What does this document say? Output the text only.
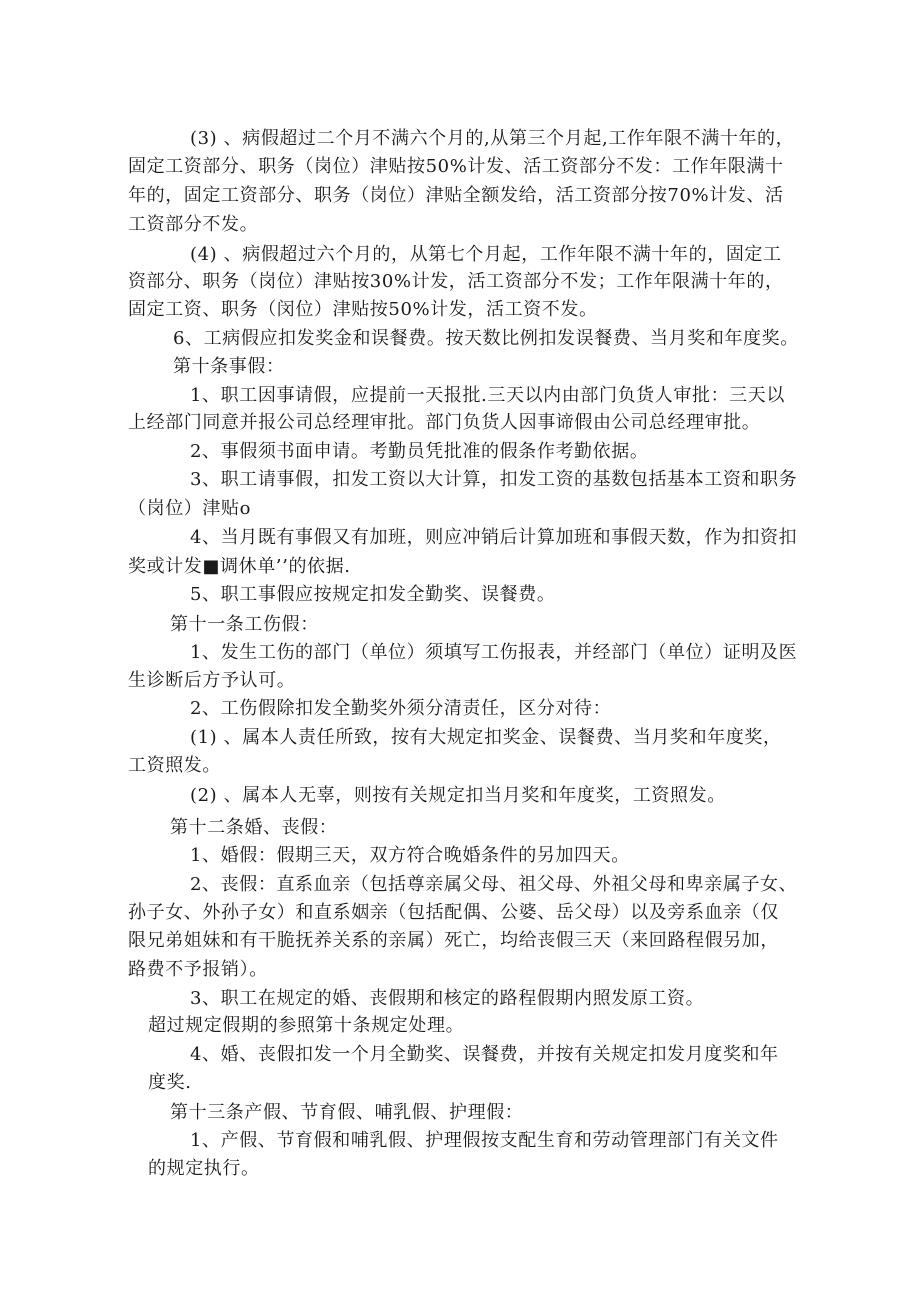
(3) 、病假超过二个月不满六个月的,从第三个月起,工作年限不满十年的，

固定工资部分、职务（岗位）津贴按50%计发、活工资部分不发：工作年限满十

年的，固定工资部分、职务（岗位）津贴全额发给，活工资部分按70%计发、活

工资部分不发。

(4) 、病假超过六个月的，从第七个月起，工作年限不满十年的，固定工

资部分、职务（岗位）津贴按30%计发，活工资部分不发；工作年限满十年的，

固定工资、职务（闵位）津贴按50%计发，活工资不发。

6、工病假应扣发奖金和误餐费。按天数比例扣发误餐费、当月奖和年度奖。

第十条事假：

1、职工因事请假，应提前一天报批.三天以内由部门负货人审批：三天以

上经部门同意并报公司总经理审批。部门负货人因事谛假由公司总经理审批。

2、事假须书面申请。考勤员凭批准的假条作考勤依据。

3、职工请事假，扣发工资以大计算，扣发工资的基数包括基本工资和职务

（岗位）津贴o

4、当月既有事假又有加班，则应冲销后计算加班和事假天数，作为扣资扣

奖或计发■调休单’’的依据.

5、职工事假应按规定扣发全勤奖、误餐费。

第十一条工伤假：

1、发生工伤的部门（单位）须填写工伤报表，并经部门（单位）证明及医

生诊断后方予认可。

2、工伤假除扣发全勤奖外须分清责任，区分对待：

(1) 、属本人责任所致，按有大规定扣奖金、误餐费、当月奖和年度奖，

工资照发。

(2) 、属本人无辜，则按有关规定扣当月奖和年度奖，工资照发。

第十二条婚、丧假：

1、婚假：假期三天，双方符合晚婚条件的另加四天。

2、丧假：直系血亲（包括尊亲属父母、祖父母、外祖父母和卑亲属子女、

孙子女、外孙子女）和直系姻亲（包括配偶、公婆、岳父母）以及旁系血亲（仅

限兄弟姐妹和有干脆抚养关系的亲属）死亡，均给丧假三天（来回路程假另加，

路费不予报销）。

3、职工在规定的婚、丧假期和核定的路程假期内照发原工资。

超过规定假期的参照第十条规定处理。

4、婚、丧假扣发一个月全勤奖、误餐费，并按有关规定扣发月度奖和年

度奖.

第十三条产假、节育假、哺乳假、护理假：

1、产假、节育假和哺乳假、护理假按支配生育和劳动管理部门有关文件

的规定执行。
